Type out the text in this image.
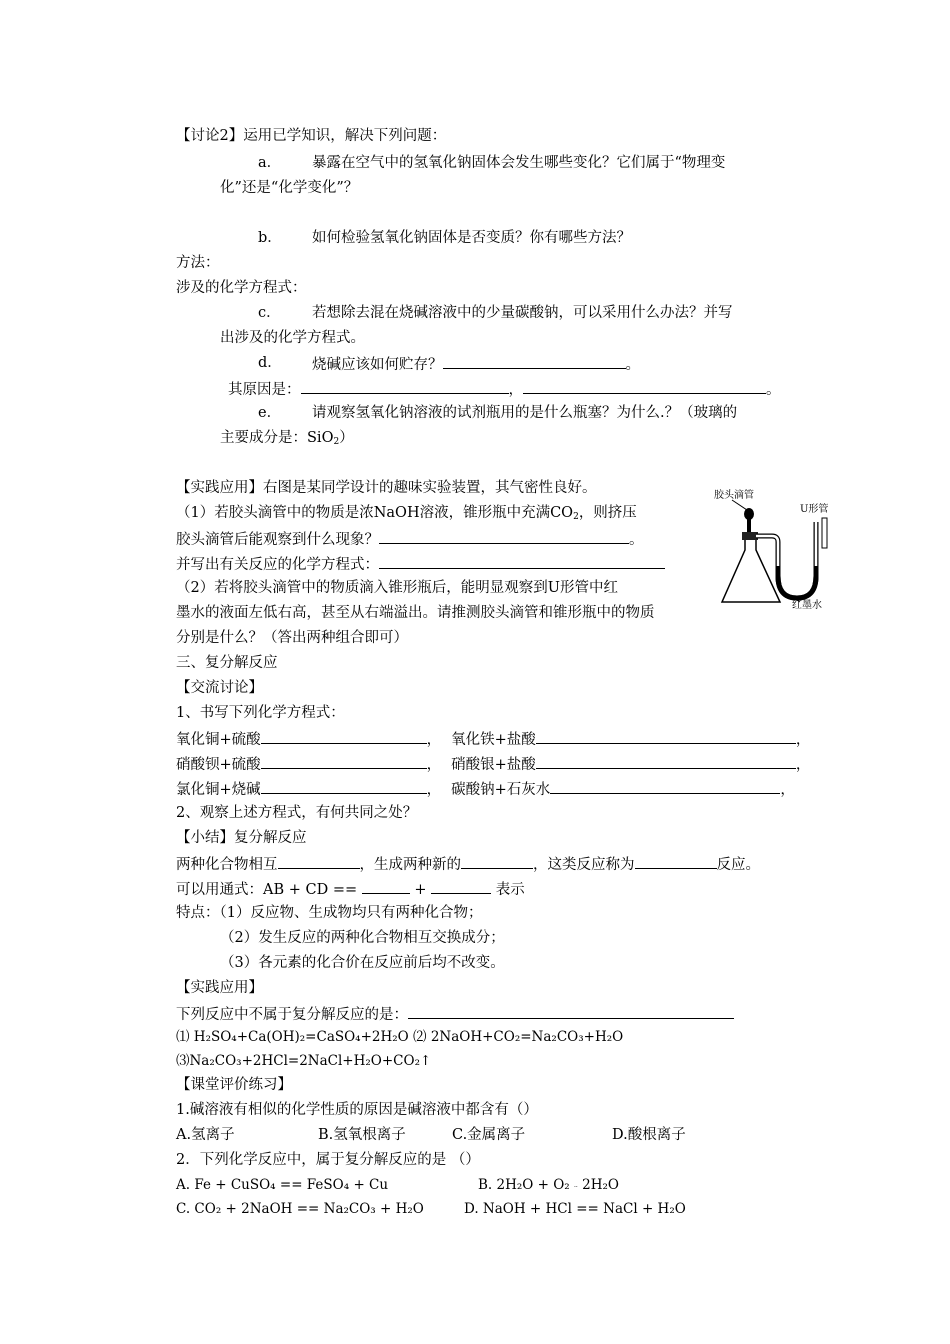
【讨论2】运用已学知识，解决下列问题：
a． 暴露在空气中的氢氧化钠固体会发生哪些变化？它们属于“物理变
化”还是“化学变化”？
b． 如何检验氢氧化钠固体是否变质？你有哪些方法？
方法：
涉及的化学方程式：
c． 若想除去混在烧碱溶液中的少量碳酸钠，可以采用什么办法？并写
出涉及的化学方程式。
d． 烧碱应该如何贮存？	。
其原因是：	，	。
e． 请观察氢氧化钠溶液的试剂瓶用的是什么瓶塞？为什么.？（玻璃的
主要成分是：SiO$_2$）
【实践应用】右图是某同学设计的趣味实验装置，其气密性良好。
（1）若胶头滴管中的物质是浓NaOH溶液，锥形瓶中充满$CO_2$，则挤压
胶头滴管后能观察到什么现象？	。
并写出有关反应的化学方程式：
（2）若将胶头滴管中的物质滴入锥形瓶后，能明显观察到U形管中红
墨水的液面左低右高，甚至从右端溢出。请推测胶头滴管和锥形瓶中的物质
分别是什么？（答出两种组合即可）
胶头滴管
U形管
红墨水
三、复分解反应
【交流讨论】
1、书写下列化学方程式：
氧化铜+硫酸	， 氧化铁+盐酸	，
硝酸钡+硫酸	， 硝酸银+盐酸	，
氯化铜+烧碱	， 碳酸钠+石灰水	，
2、观察上述方程式，有何共同之处？
【小结】复分解反应
两种化合物相互	，生成两种新的	，这类反应称为	反应。
可以用通式：AB + CD ==	+	表示
特点：（1）反应物、生成物均只有两种化合物；
（2）发生反应的两种化合物相互交换成分；
（3）各元素的化合价在反应前后均不改变。
【实践应用】
下列反应中不属于复分解反应的是：
⑴ H₂SO₄+Ca(OH)₂=CaSO₄+2H₂O ⑵ 2NaOH+CO₂=Na₂CO₃+H₂O
⑶Na₂CO₃+2HCl=2NaCl+H₂O+CO₂↑
【课堂评价练习】
1.碱溶液有相似的化学性质的原因是碱溶液中都含有（）
A.氢离子	B.氢氧根离子	C.金属离子	D.酸根离子
2．下列化学反应中，属于复分解反应的是 （）
A. Fe + CuSO₄ == FeSO₄ + Cu	B. 2H₂O + O₂ ·· 2H₂O
C. CO₂ + 2NaOH == Na₂CO₃ + H₂O	D. NaOH + HCl == NaCl + H₂O
